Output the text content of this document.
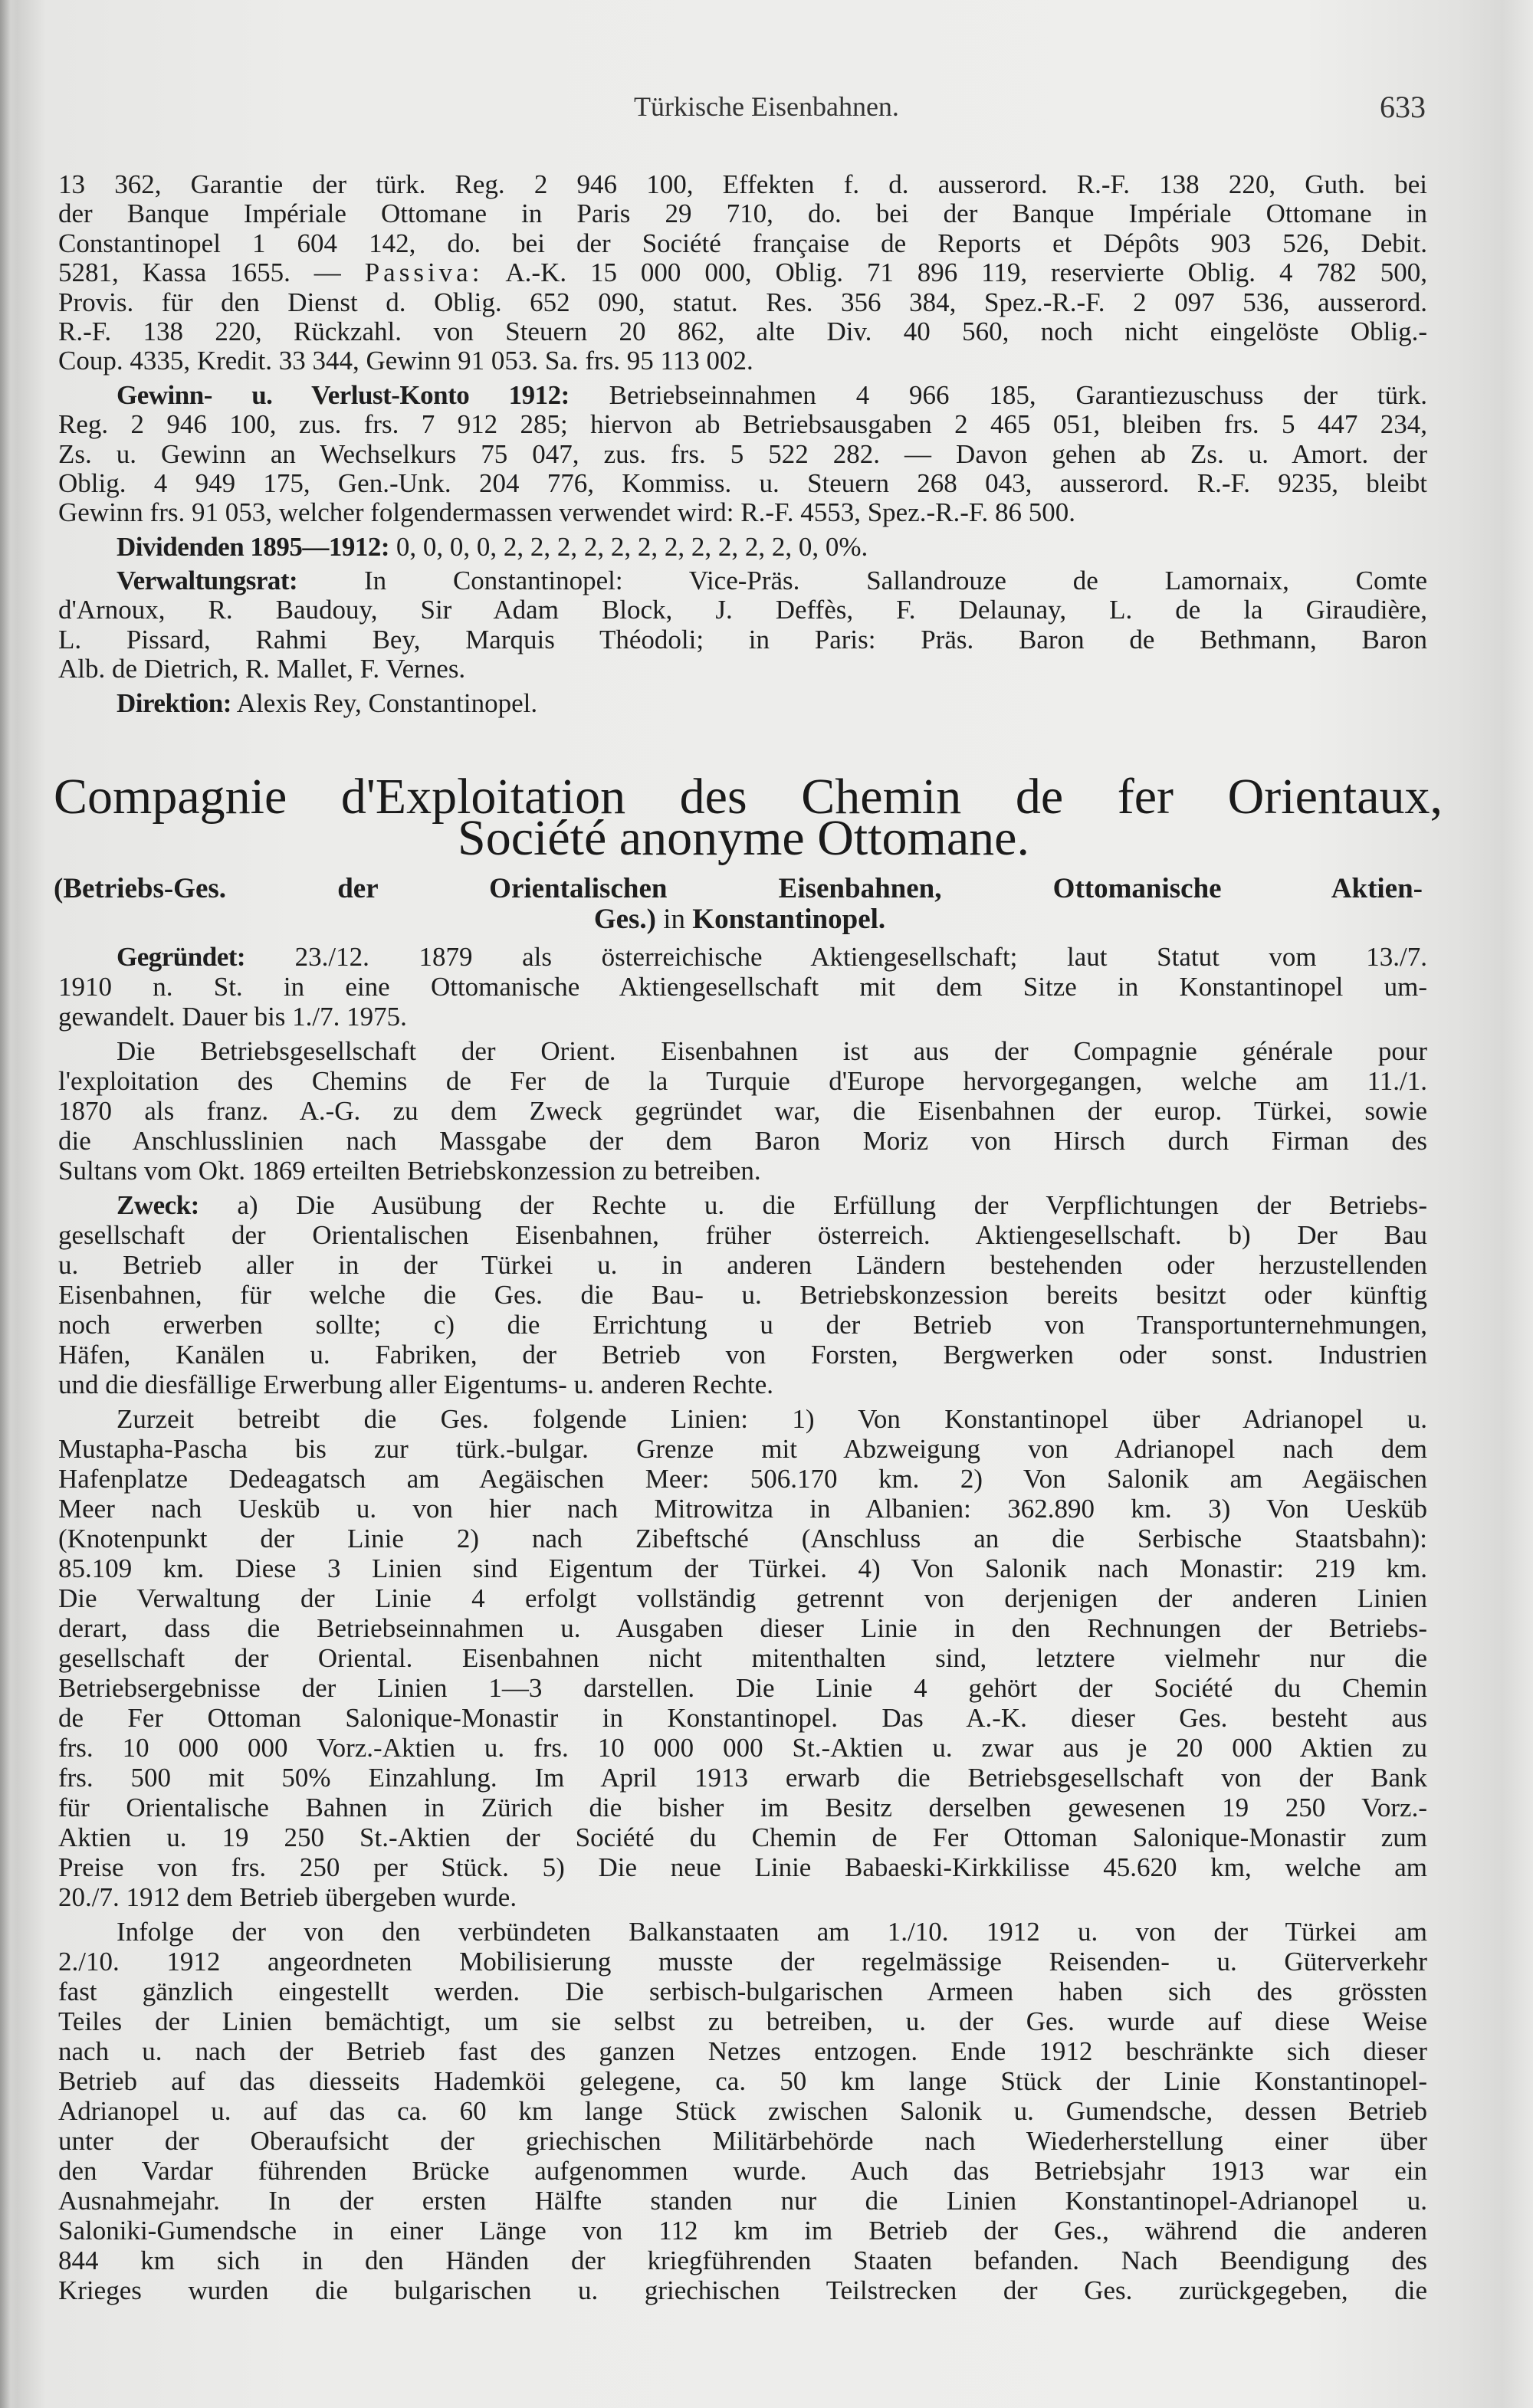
Türkische Eisenbahnen.	633
13 362, Garantie der türk. Reg. 2 946 100, Effekten f. d. ausserord. R.-F. 138 220, Guth. bei
der Banque Impériale Ottomane in Paris 29 710, do. bei der Banque Impériale Ottomane in
Constantinopel 1 604 142, do. bei der Société française de Reports et Dépôts 903 526, Debit.
5281, Kassa 1655. — Passiva: A.-K. 15 000 000, Oblig. 71 896 119, reservierte Oblig. 4 782 500,
Provis. für den Dienst d. Oblig. 652 090, statut. Res. 356 384, Spez.-R.-F. 2 097 536, ausserord.
R.-F. 138 220, Rückzahl. von Steuern 20 862, alte Div. 40 560, noch nicht eingelöste Oblig.-
Coup. 4335, Kredit. 33 344, Gewinn 91 053. Sa. frs. 95 113 002.
Gewinn- u. Verlust-Konto 1912: Betriebseinnahmen 4 966 185, Garantiezuschuss der türk.
Reg. 2 946 100, zus. frs. 7 912 285; hiervon ab Betriebsausgaben 2 465 051, bleiben frs. 5 447 234,
Zs. u. Gewinn an Wechselkurs 75 047, zus. frs. 5 522 282. — Davon gehen ab Zs. u. Amort. der
Oblig. 4 949 175, Gen.-Unk. 204 776, Kommiss. u. Steuern 268 043, ausserord. R.-F. 9235, bleibt
Gewinn frs. 91 053, welcher folgendermassen verwendet wird: R.-F. 4553, Spez.-R.-F. 86 500.
Dividenden 1895—1912: 0, 0, 0, 0, 2, 2, 2, 2, 2, 2, 2, 2, 2, 2, 2, 0, 0%.
Verwaltungsrat: In Constantinopel: Vice-Präs. Sallandrouze de Lamornaix, Comte
d'Arnoux, R. Baudouy, Sir Adam Block, J. Deffès, F. Delaunay, L. de la Giraudière,
L. Pissard, Rahmi Bey, Marquis Théodoli; in Paris: Präs. Baron de Bethmann, Baron
Alb. de Dietrich, R. Mallet, F. Vernes.
Direktion: Alexis Rey, Constantinopel.
Compagnie d'Exploitation des Chemin de fer Orientaux,
Société anonyme Ottomane.
(Betriebs-Ges. der Orientalischen Eisenbahnen, Ottomanische Aktien-
Ges.) in Konstantinopel.
Gegründet: 23./12. 1879 als österreichische Aktiengesellschaft; laut Statut vom 13./7.
1910 n. St. in eine Ottomanische Aktiengesellschaft mit dem Sitze in Konstantinopel um-
gewandelt. Dauer bis 1./7. 1975.
Die Betriebsgesellschaft der Orient. Eisenbahnen ist aus der Compagnie générale pour
l'exploitation des Chemins de Fer de la Turquie d'Europe hervorgegangen, welche am 11./1.
1870 als franz. A.-G. zu dem Zweck gegründet war, die Eisenbahnen der europ. Türkei, sowie
die Anschlusslinien nach Massgabe der dem Baron Moriz von Hirsch durch Firman des
Sultans vom Okt. 1869 erteilten Betriebskonzession zu betreiben.
Zweck: a) Die Ausübung der Rechte u. die Erfüllung der Verpflichtungen der Betriebs-
gesellschaft der Orientalischen Eisenbahnen, früher österreich. Aktiengesellschaft. b) Der Bau
u. Betrieb aller in der Türkei u. in anderen Ländern bestehenden oder herzustellenden
Eisenbahnen, für welche die Ges. die Bau- u. Betriebskonzession bereits besitzt oder künftig
noch erwerben sollte; c) die Errichtung u der Betrieb von Transportunternehmungen,
Häfen, Kanälen u. Fabriken, der Betrieb von Forsten, Bergwerken oder sonst. Industrien
und die diesfällige Erwerbung aller Eigentums- u. anderen Rechte.
Zurzeit betreibt die Ges. folgende Linien: 1) Von Konstantinopel über Adrianopel u.
Mustapha-Pascha bis zur türk.-bulgar. Grenze mit Abzweigung von Adrianopel nach dem
Hafenplatze Dedeagatsch am Aegäischen Meer: 506.170 km. 2) Von Salonik am Aegäischen
Meer nach Uesküb u. von hier nach Mitrowitza in Albanien: 362.890 km. 3) Von Uesküb
(Knotenpunkt der Linie 2) nach Zibeftsché (Anschluss an die Serbische Staatsbahn):
85.109 km. Diese 3 Linien sind Eigentum der Türkei. 4) Von Salonik nach Monastir: 219 km.
Die Verwaltung der Linie 4 erfolgt vollständig getrennt von derjenigen der anderen Linien
derart, dass die Betriebseinnahmen u. Ausgaben dieser Linie in den Rechnungen der Betriebs-
gesellschaft der Oriental. Eisenbahnen nicht mitenthalten sind, letztere vielmehr nur die
Betriebsergebnisse der Linien 1—3 darstellen. Die Linie 4 gehört der Société du Chemin
de Fer Ottoman Salonique-Monastir in Konstantinopel. Das A.-K. dieser Ges. besteht aus
frs. 10 000 000 Vorz.-Aktien u. frs. 10 000 000 St.-Aktien u. zwar aus je 20 000 Aktien zu
frs. 500 mit 50% Einzahlung. Im April 1913 erwarb die Betriebsgesellschaft von der Bank
für Orientalische Bahnen in Zürich die bisher im Besitz derselben gewesenen 19 250 Vorz.-
Aktien u. 19 250 St.-Aktien der Société du Chemin de Fer Ottoman Salonique-Monastir zum
Preise von frs. 250 per Stück. 5) Die neue Linie Babaeski-Kirkkilisse 45.620 km, welche am
20./7. 1912 dem Betrieb übergeben wurde.
Infolge der von den verbündeten Balkanstaaten am 1./10. 1912 u. von der Türkei am
2./10. 1912 angeordneten Mobilisierung musste der regelmässige Reisenden- u. Güterverkehr
fast gänzlich eingestellt werden. Die serbisch-bulgarischen Armeen haben sich des grössten
Teiles der Linien bemächtigt, um sie selbst zu betreiben, u. der Ges. wurde auf diese Weise
nach u. nach der Betrieb fast des ganzen Netzes entzogen. Ende 1912 beschränkte sich dieser
Betrieb auf das diesseits Hademköi gelegene, ca. 50 km lange Stück der Linie Konstantinopel-
Adrianopel u. auf das ca. 60 km lange Stück zwischen Salonik u. Gumendsche, dessen Betrieb
unter der Oberaufsicht der griechischen Militärbehörde nach Wiederherstellung einer über
den Vardar führenden Brücke aufgenommen wurde. Auch das Betriebsjahr 1913 war ein
Ausnahmejahr. In der ersten Hälfte standen nur die Linien Konstantinopel-Adrianopel u.
Saloniki-Gumendsche in einer Länge von 112 km im Betrieb der Ges., während die anderen
844 km sich in den Händen der kriegführenden Staaten befanden. Nach Beendigung des
Krieges wurden die bulgarischen u. griechischen Teilstrecken der Ges. zurückgegeben, die
